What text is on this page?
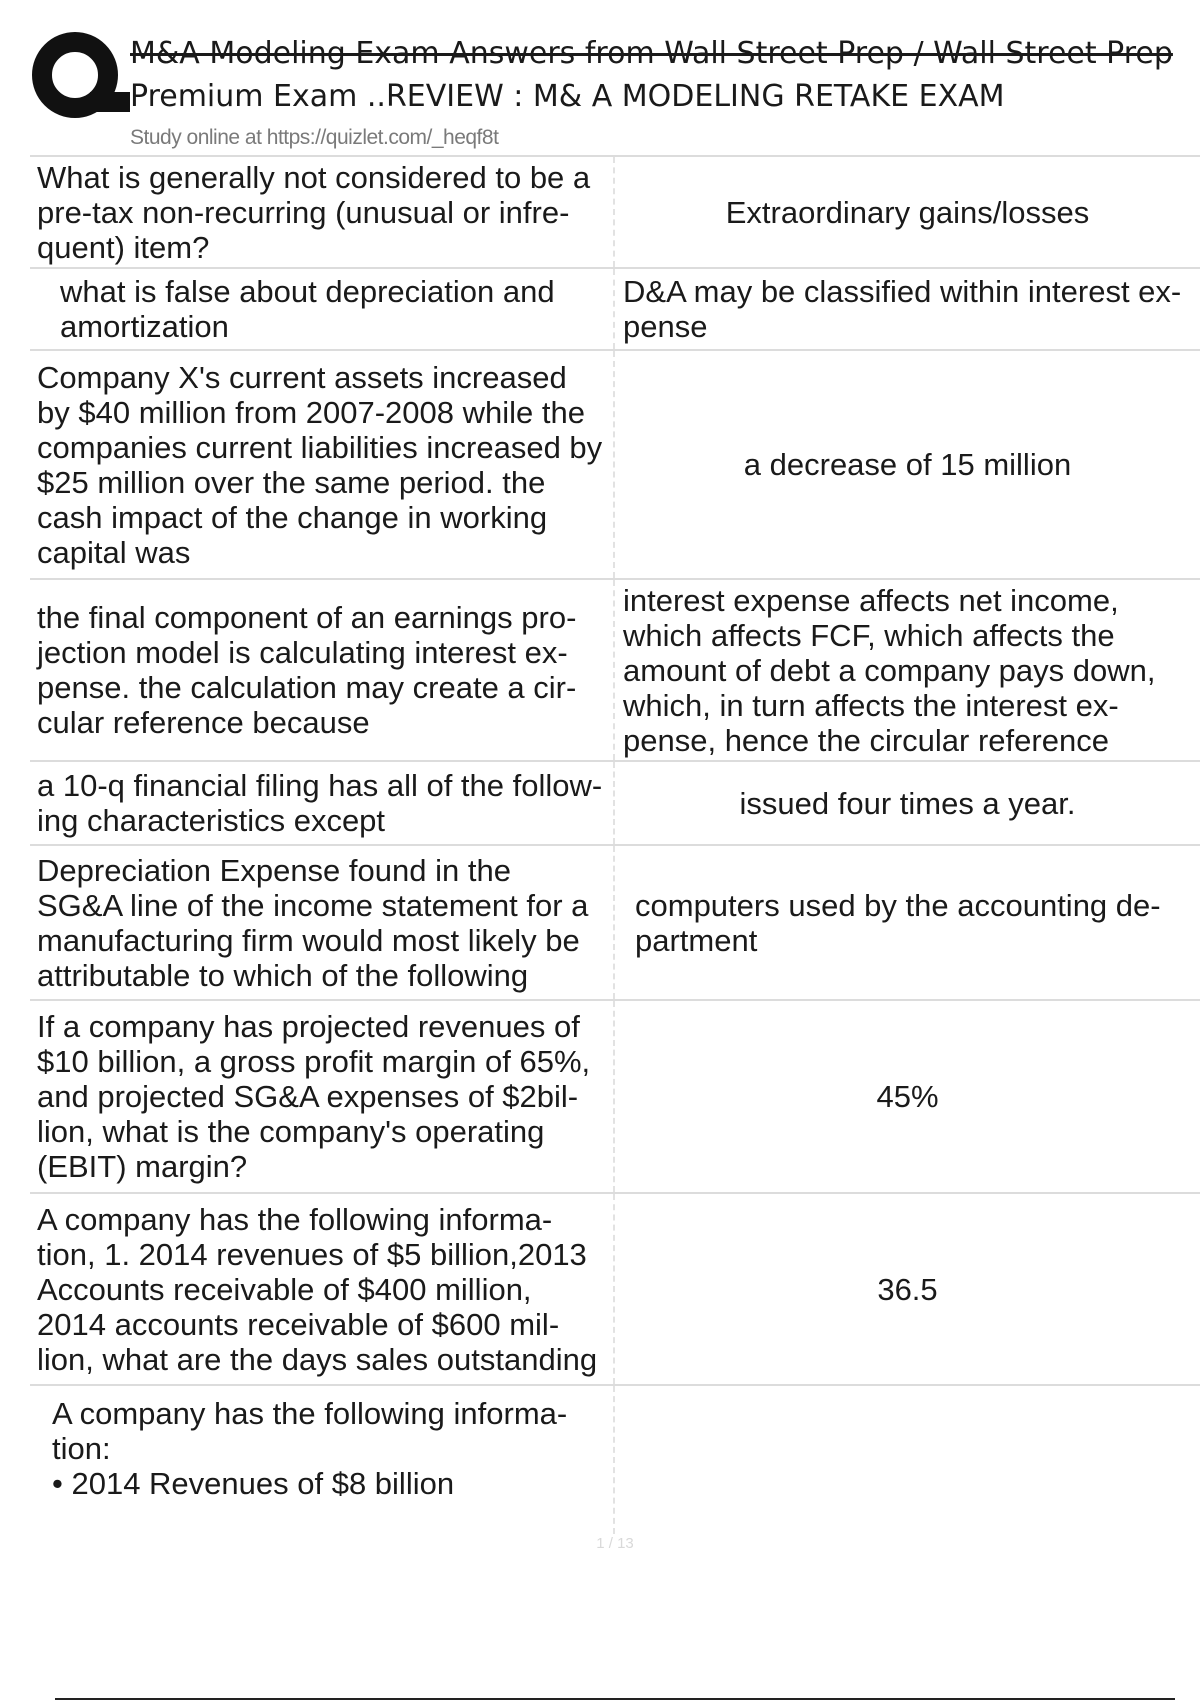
M&A Modeling Exam Answers from Wall Street Prep / Wall Street Prep
Premium Exam ..REVIEW : M& A MODELING RETAKE EXAM
Study online at https://quizlet.com/_heqf8t
What is generally not considered to be a pre-tax non-recurring (unusual or infre-quent) item?
Extraordinary gains/losses
what is false about depreciation and amortization
D&A may be classified within interest ex-pense
Company X's current assets increased by $40 million from 2007-2008 while the companies current liabilities increased by $25 million over the same period. the cash impact of the change in working capital was
a decrease of 15 million
the final component of an earnings pro-jection model is calculating interest ex-pense. the calculation may create a cir-cular reference because
interest expense affects net income, which affects FCF, which affects the amount of debt a company pays down, which, in turn affects the interest ex-pense, hence the circular reference
a 10-q financial filing has all of the follow-ing characteristics except	issued four times a year.
Depreciation Expense found in the SG&A line of the income statement for a manufacturing firm would most likely be attributable to which of the following
computers used by the accounting de-partment
If a company has projected revenues of $10 billion, a gross profit margin of 65%, and projected SG&A expenses of $2bil-lion, what is the company's operating (EBIT) margin?
45%
A company has the following informa-tion, 1. 2014 revenues of $5 billion,2013 Accounts receivable of $400 million, 2014 accounts receivable of $600 mil-lion, what are the days sales outstanding
36.5
A company has the following informa-tion:
• 2014 Revenues of $8 billion
1 / 13
